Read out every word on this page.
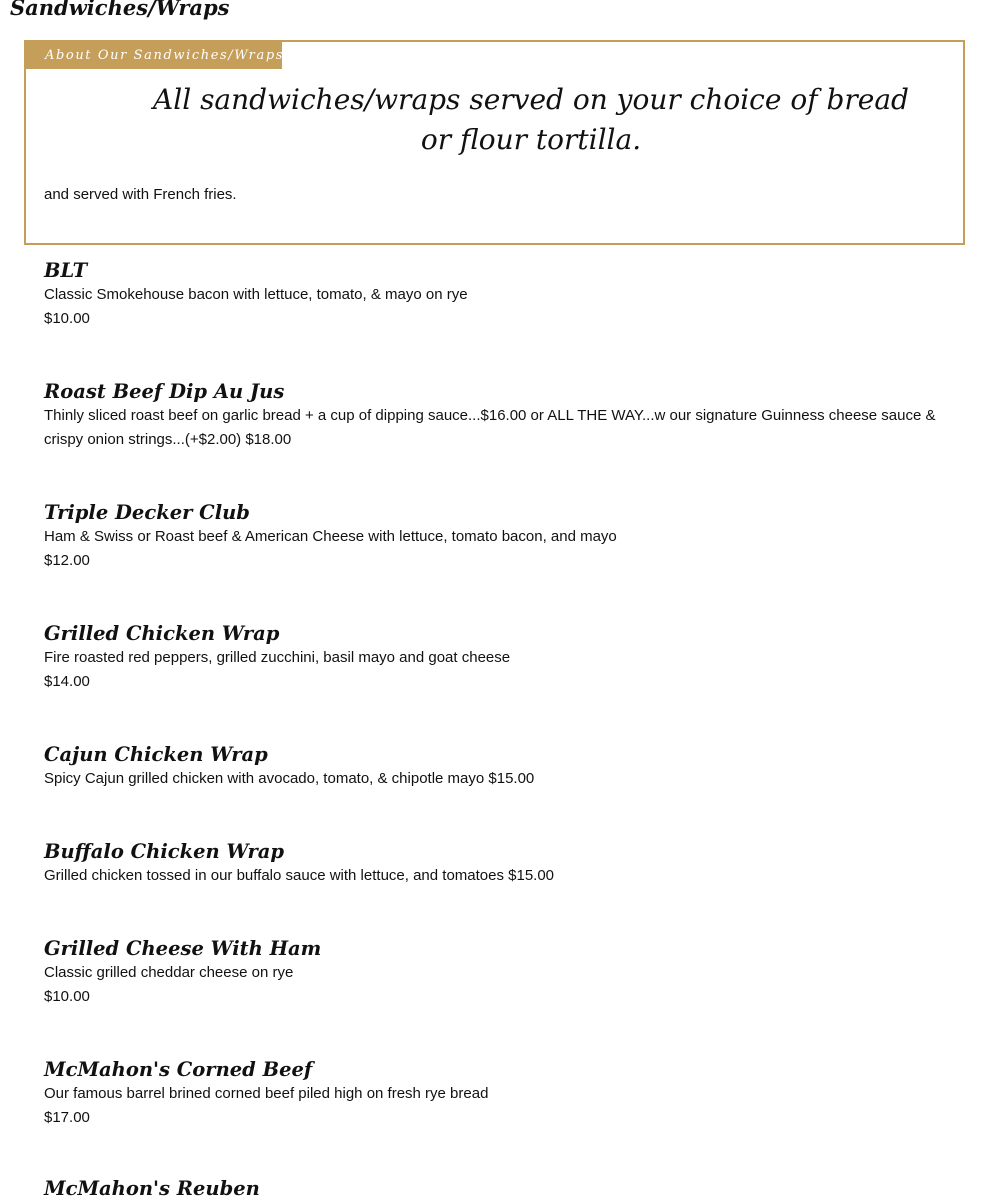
Sandwiches/Wraps
About Our Sandwiches/Wraps
All sandwiches/wraps served on your choice of bread or flour tortilla.
and served with French fries.
BLT
Classic Smokehouse bacon with lettuce, tomato, & mayo on rye
$10.00
Roast Beef Dip Au Jus
Thinly sliced roast beef on garlic bread + a cup of dipping sauce...$16.00 or ALL THE WAY...w our signature Guinness cheese sauce & crispy onion strings...(+$2.00) $18.00
Triple Decker Club
Ham & Swiss or Roast beef & American Cheese with lettuce, tomato bacon, and mayo
$12.00
Grilled Chicken Wrap
Fire roasted red peppers, grilled zucchini, basil mayo and goat cheese
$14.00
Cajun Chicken Wrap
Spicy Cajun grilled chicken with avocado, tomato, & chipotle mayo $15.00
Buffalo Chicken Wrap
Grilled chicken tossed in our buffalo sauce with lettuce, and tomatoes $15.00
Grilled Cheese With Ham
Classic grilled cheddar cheese on rye
$10.00
McMahon's Corned Beef
Our famous barrel brined corned beef piled high on fresh rye bread
$17.00
McMahon's Reuben
